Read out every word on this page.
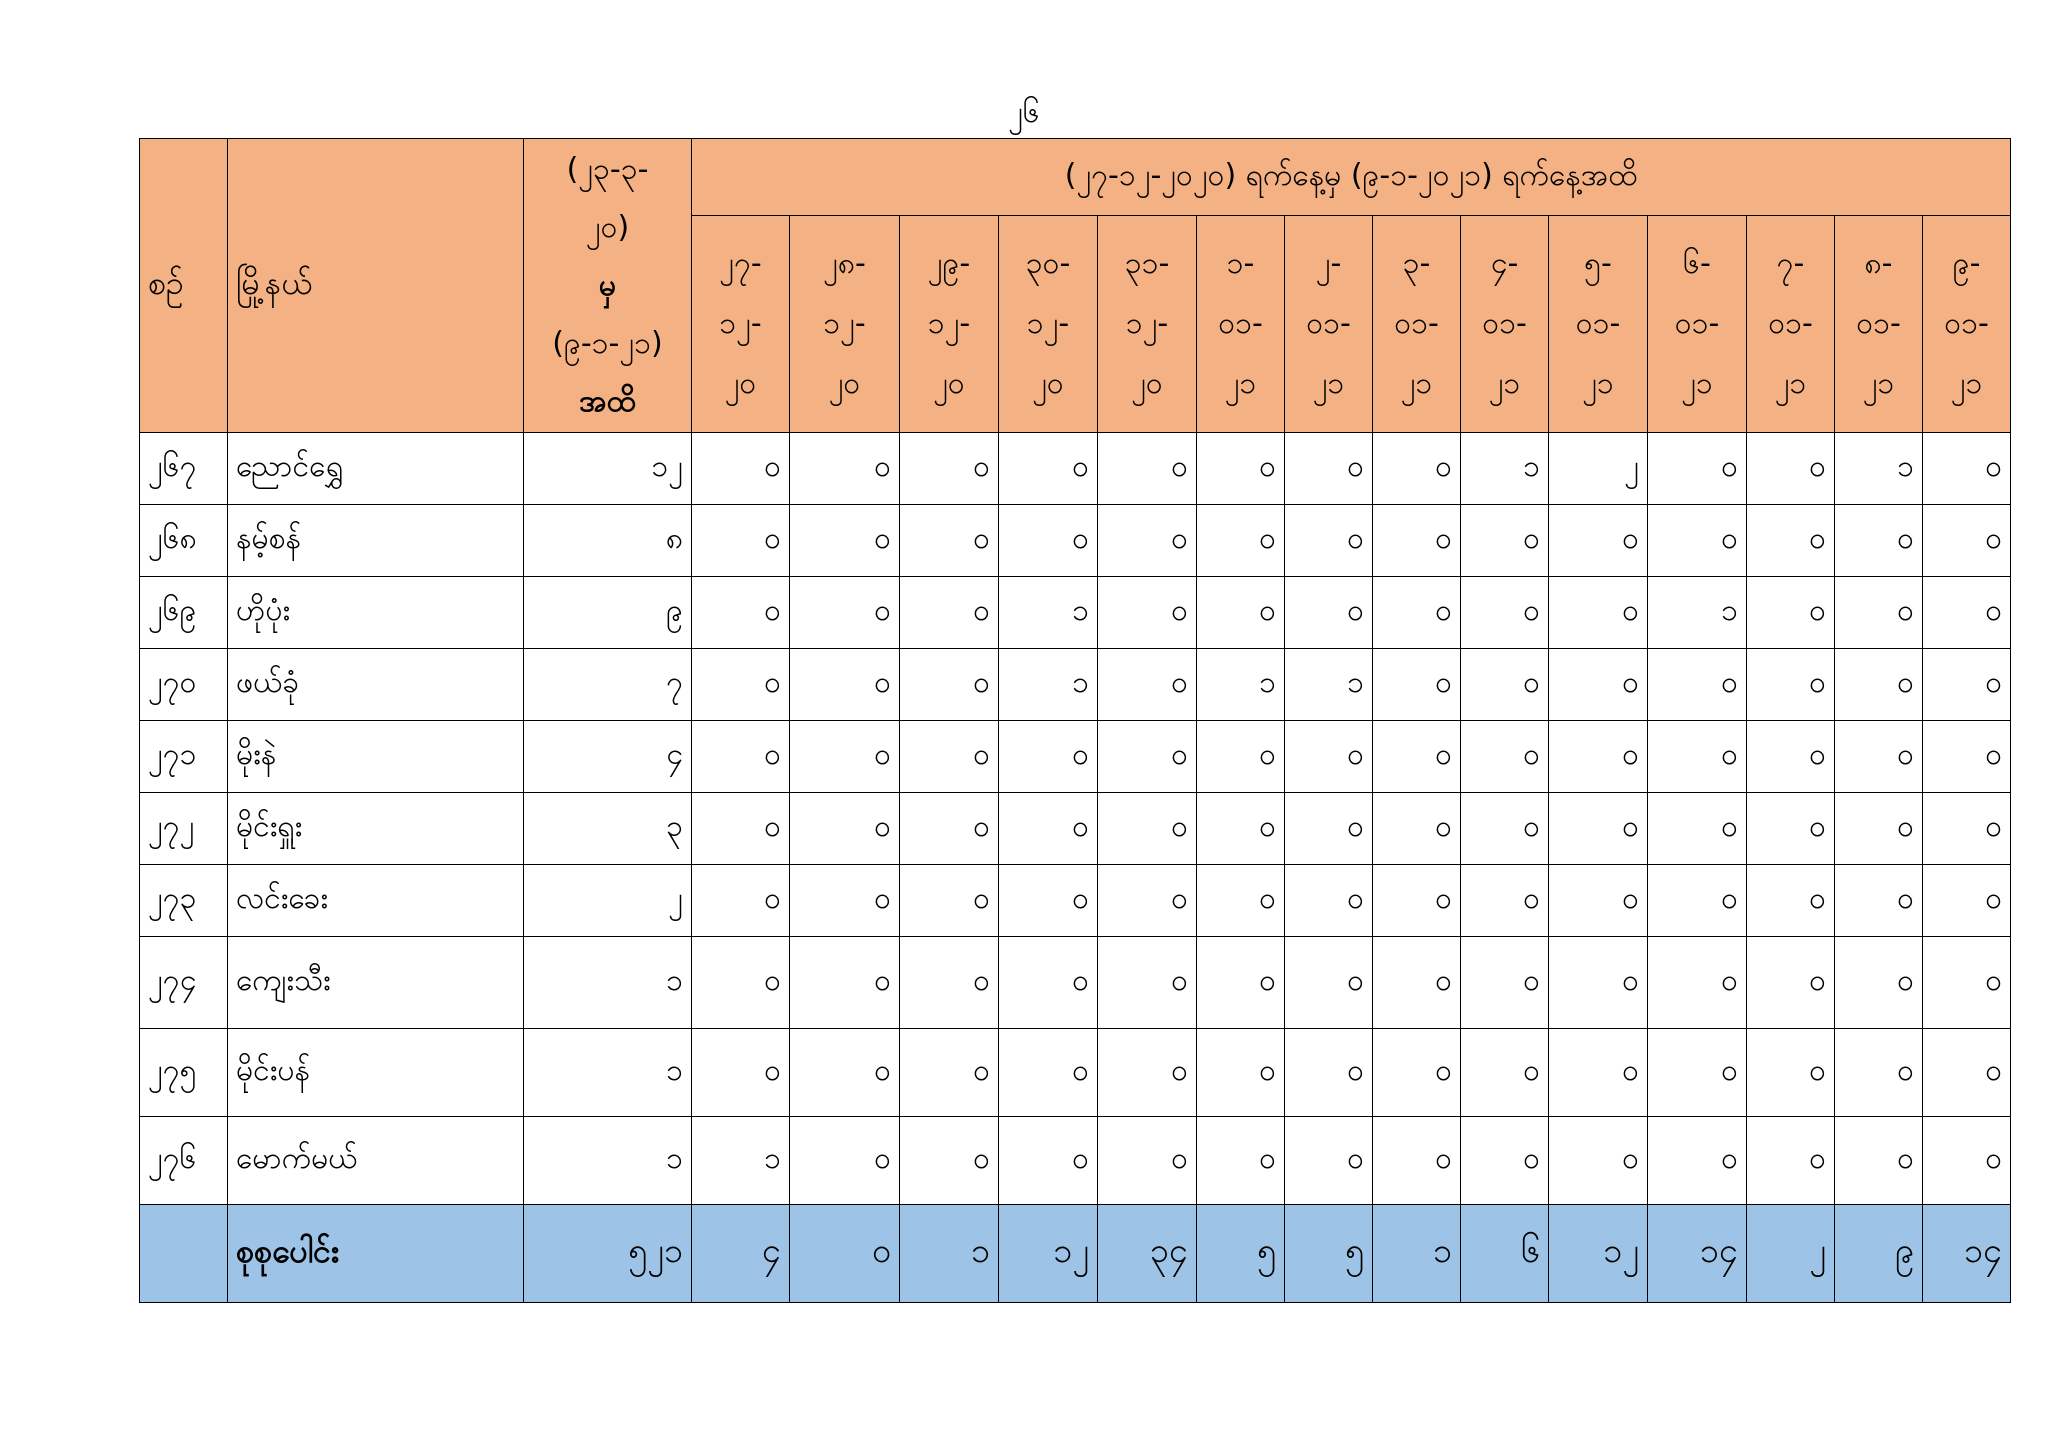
၂၆
စဉ်	မြို့နယ်	(၂၃-၃-
၂၀)
မှ
(၉-၁-၂၁)
အထိ	(၂၇-၁၂-၂၀၂၀) ရက်နေ့မှ (၉-၁-၂၀၂၁) ရက်နေ့အထိ													

			၂၇-
၁၂-
၂၀	၂၈-
၁၂-
၂၀	၂၉-
၁၂-
၂၀	၃၀-
၁၂-
၂၀	၃၁-
၁၂-
၂၀	၁-
၀၁-
၂၁	၂-
၀၁-
၂၁	၃-
၀၁-
၂၁	၄-
၀၁-
၂၁	၅-
၀၁-
၂၁	၆-
၀၁-
၂၁	၇-
၀၁-
၂၁	၈-
၀၁-
၂၁	၉-
၀၁-
၂၁

၂၆၇	ညောင်ရွှေ	၁၂	၀	၀	၀	၀	၀	၀	၀	၀	၁	၂	၀	၀	၁	၀
၂၆၈	နမ့်စန်	၈	၀	၀	၀	၀	၀	၀	၀	၀	၀	၀	၀	၀	၀	၀
၂၆၉	ဟိုပုံး	၉	၀	၀	၀	၁	၀	၀	၀	၀	၀	၀	၁	၀	၀	၀
၂၇၀	ဖယ်ခုံ	၇	၀	၀	၀	၁	၀	၁	၁	၀	၀	၀	၀	၀	၀	၀
၂၇၁	မိုးနဲ	၄	၀	၀	၀	၀	၀	၀	၀	၀	၀	၀	၀	၀	၀	၀
၂၇၂	မိုင်းရှူး	၃	၀	၀	၀	၀	၀	၀	၀	၀	၀	၀	၀	၀	၀	၀
၂၇၃	လင်းခေး	၂	၀	၀	၀	၀	၀	၀	၀	၀	၀	၀	၀	၀	၀	၀
၂၇၄	ကျေးသီး	၁	၀	၀	၀	၀	၀	၀	၀	၀	၀	၀	၀	၀	၀	၀
၂၇၅	မိုင်းပန်	၁	၀	၀	၀	၀	၀	၀	၀	၀	၀	၀	၀	၀	၀	၀
၂၇၆	မောက်မယ်	၁	၁	၀	၀	၀	၀	၀	၀	၀	၀	၀	၀	၀	၀	၀
	စုစုပေါင်း	၅၂၁	၄	၀	၁	၁၂	၃၄	၅	၅	၁	၆	၁၂	၁၄	၂	၉	၁၄
